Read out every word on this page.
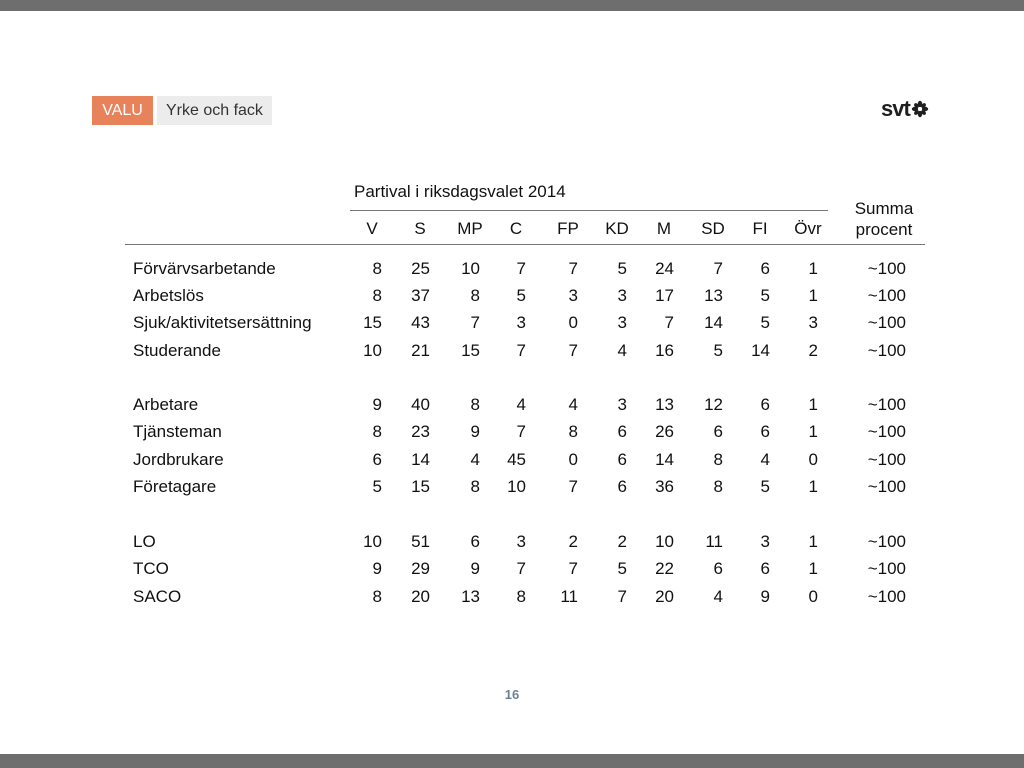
VALU	Yrke och fack	svt
Partival i riksdagsvalet 2014
V	S	MP	C	FP	KD	M	SD	FI	Övr
Summa
procent
Förvärvsarbetande	8	25	10	7	7	5	24	7	6	1	~100
Arbetslös	8	37	8	5	3	3	17	13	5	1	~100
Sjuk/aktivitetsersättning	15	43	7	3	0	3	7	14	5	3	~100
Studerande	10	21	15	7	7	4	16	5	14	2	~100
Arbetare	9	40	8	4	4	3	13	12	6	1	~100
Tjänsteman	8	23	9	7	8	6	26	6	6	1	~100
Jordbrukare	6	14	4	45	0	6	14	8	4	0	~100
Företagare	5	15	8	10	7	6	36	8	5	1	~100
LO	10	51	6	3	2	2	10	11	3	1	~100
TCO	9	29	9	7	7	5	22	6	6	1	~100
SACO	8	20	13	8	11	7	20	4	9	0	~100
16
